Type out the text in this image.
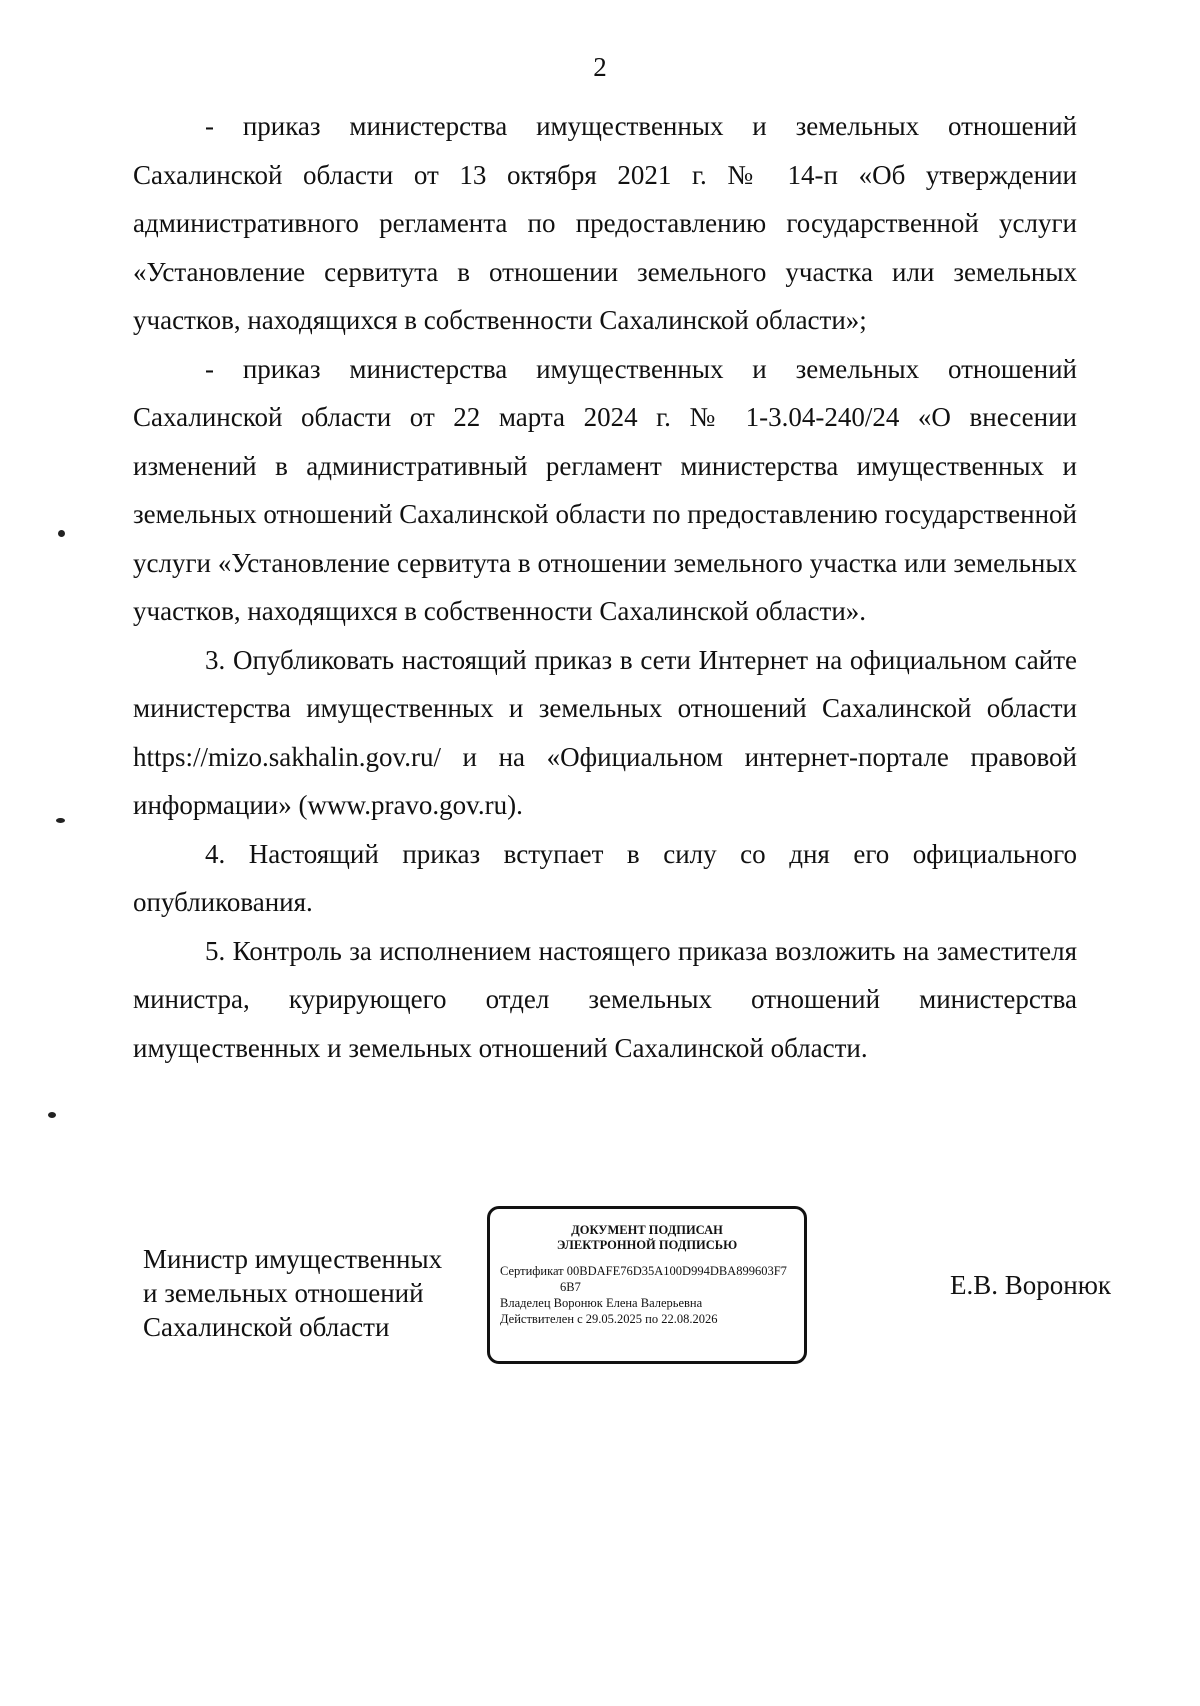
2

- приказ министерства имущественных и земельных отношений Сахалинской области от 13 октября 2021 г. № 14-п «Об утверждении административного регламента по предоставлению государственной услуги «Установление сервитута в отношении земельного участка или земельных участков, находящихся в собственности Сахалинской области»;

- приказ министерства имущественных и земельных отношений Сахалинской области от 22 марта 2024 г. № 1-3.04-240/24 «О внесении изменений в административный регламент министерства имущественных и земельных отношений Сахалинской области по предоставлению государственной услуги «Установление сервитута в отношении земельного участка или земельных участков, находящихся в собственности Сахалинской области».

3. Опубликовать настоящий приказ в сети Интернет на официальном сайте министерства имущественных и земельных отношений Сахалинской области https://mizo.sakhalin.gov.ru/ и на «Официальном интернет-портале правовой информации» (www.pravo.gov.ru).

4. Настоящий приказ вступает в силу со дня его официального опубликования.

5. Контроль за исполнением настоящего приказа возложить на заместителя министра, курирующего отдел земельных отношений министерства имущественных и земельных отношений Сахалинской области.

Министр имущественных
и земельных отношений
Сахалинской области
ДОКУМЕНТ ПОДПИСАН
ЭЛЕКТРОННОЙ ПОДПИСЬЮ
Сертификат 00BDAFE76D35A100D994DBA899603F7
6B7
Владелец Воронюк Елена Валерьевна
Действителен с 29.05.2025 по 22.08.2026
Е.В. Воронюк
